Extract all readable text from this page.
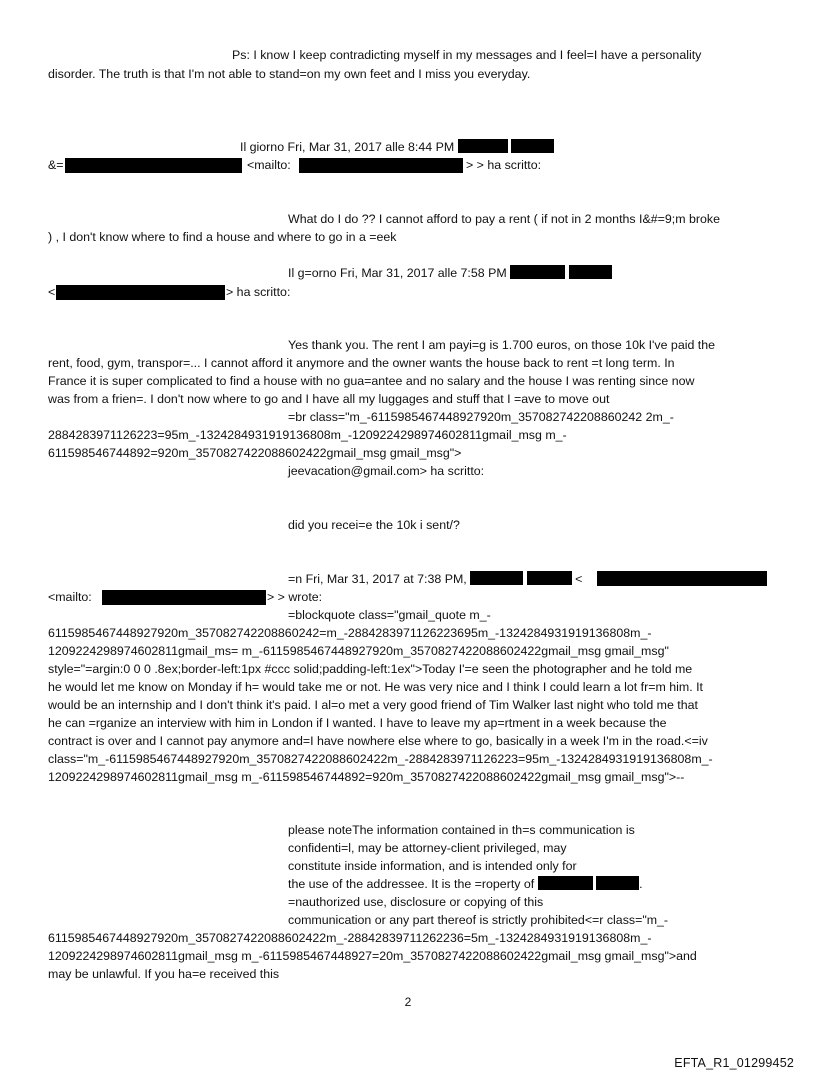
Ps: I know I keep contradicting myself in my messages and I feel=I have a personality
disorder. The truth is that I'm not able to stand=on my own feet and I miss you everyday.
Il giorno Fri, Mar 31, 2017 alle 8:44 PM
&=	<mailto:	> > ha scritto:
What do I do ?? I cannot afford to pay a rent ( if not in 2 months I&#=9;m broke
) , I don't know where to find a house and where to go in a =eek
Il g=orno Fri, Mar 31, 2017 alle 7:58 PM
<	> ha scritto:
Yes thank you. The rent I am payi=g is 1.700 euros, on those 10k I've paid the
rent, food, gym, transpor=... I cannot afford it anymore and the owner wants the house back to rent =t long term. In
France it is super complicated to find a house with no gua=antee and no salary and the house I was renting since now
was from a frien=. I don't now where to go and I have all my luggages and stuff that I =ave to move out
=br class="m_-6115985467448927920m_357082742208860242 2m_-
2884283971126223=95m_-1324284931919136808m_-1209224298974602811gmail_msg m_-
611598546744892=920m_3570827422088602422gmail_msg gmail_msg">
jeevacation@gmail.com> ha scritto:
did you recei=e the 10k i sent/?
=n Fri, Mar 31, 2017 at 7:38 PM,	<
<mailto:	> > wrote:
=blockquote class="gmail_quote m_-
6115985467448927920m_357082742208860242=m_-2884283971126223695m_-1324284931919136808m_-
1209224298974602811gmail_ms= m_-6115985467448927920m_3570827422088602422gmail_msg gmail_msg"
style="=argin:0 0 0 .8ex;border-left:1px #ccc solid;padding-left:1ex">Today I'=e seen the photographer and he told me
he would let me know on Monday if h= would take me or not. He was very nice and I think I could learn a lot fr=m him. It
would be an internship and I don't think it's paid. I al=o met a very good friend of Tim Walker last night who told me that
he can =rganize an interview with him in London if I wanted. I have to leave my ap=rtment in a week because the
contract is over and I cannot pay anymore and=I have nowhere else where to go, basically in a week I'm in the road.<=iv
class="m_-6115985467448927920m_3570827422088602422m_-2884283971126223=95m_-1324284931919136808m_-
1209224298974602811gmail_msg m_-611598546744892=920m_3570827422088602422gmail_msg gmail_msg">--
please noteThe information contained in th=s communication is
confidenti=l, may be attorney-client privileged, may
constitute inside information, and is intended only for
the use of the addressee. It is the =roperty of	.
=nauthorized use, disclosure or copying of this
communication or any part thereof is strictly prohibited<=r class="m_-
6115985467448927920m_3570827422088602422m_-28842839711262236=5m_-1324284931919136808m_-
1209224298974602811gmail_msg m_-6115985467448927=20m_3570827422088602422gmail_msg gmail_msg">and
may be unlawful. If you ha=e received this
2
EFTA_R1_01299452
